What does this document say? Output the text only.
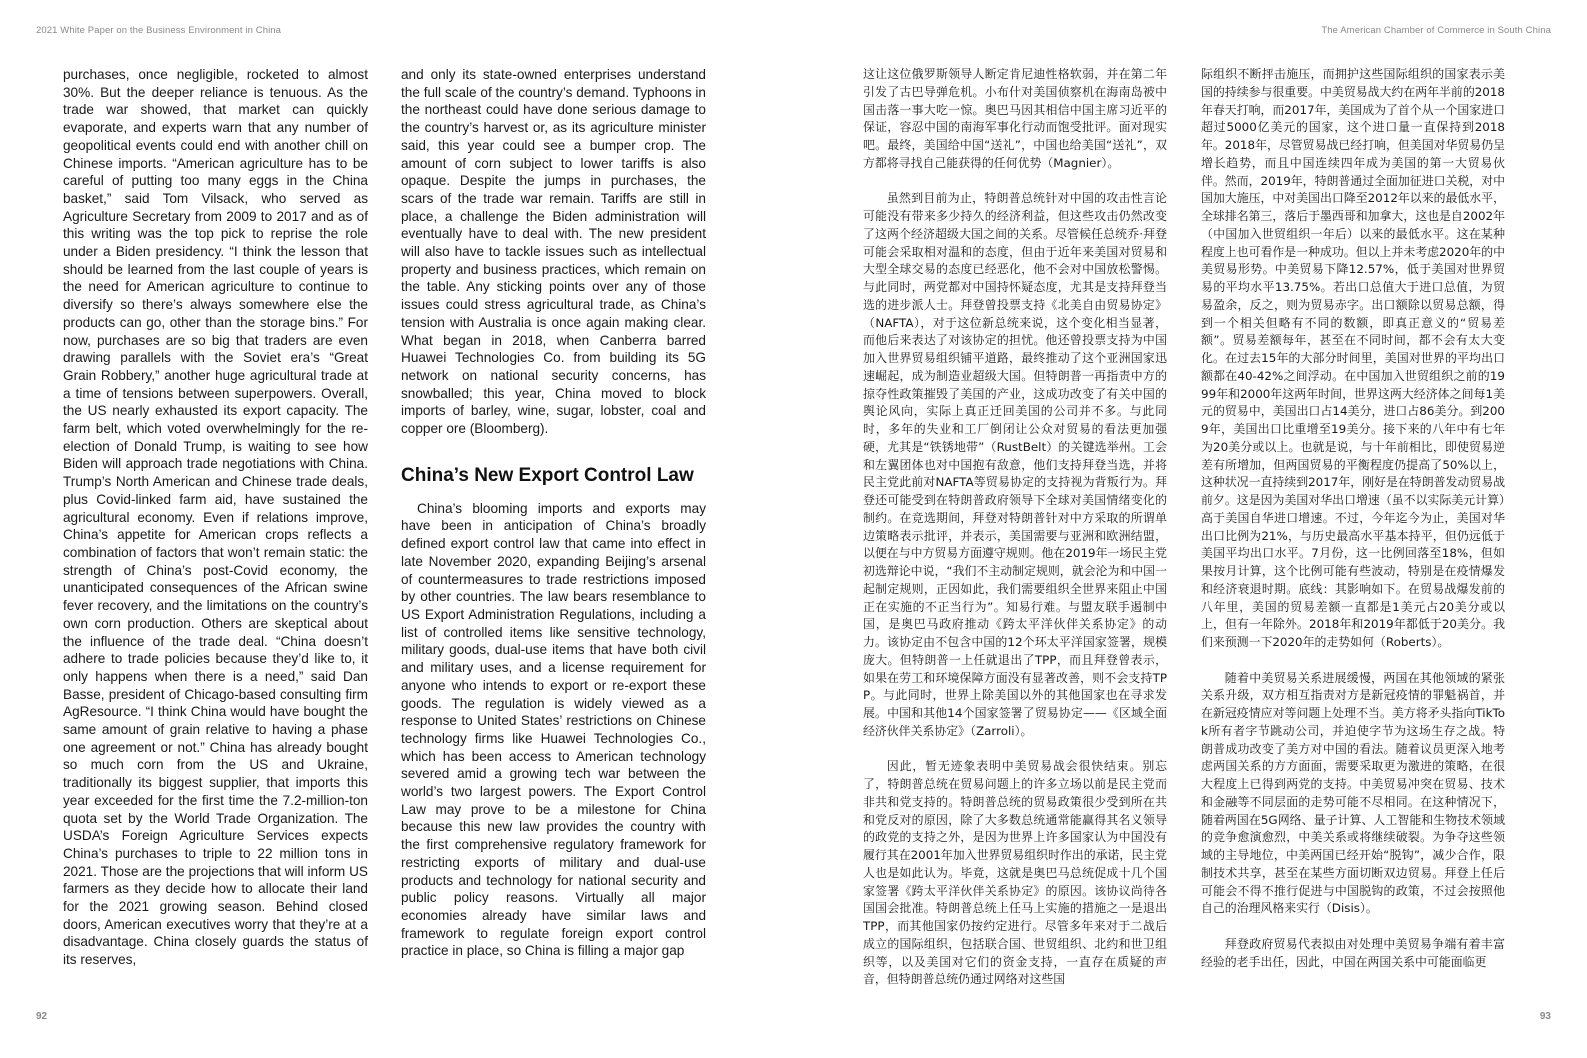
2021 White Paper on the Business Environment in China

purchases, once negligible, rocketed to almost 30%. But the deeper reliance is tenuous. As the trade war showed, that market can quickly evaporate, and experts warn that any number of geopolitical events could end with another chill on Chinese imports. “American agriculture has to be careful of putting too many eggs in the China basket,” said Tom Vilsack, who served as Agriculture Secretary from 2009 to 2017 and as of this writing was the top pick to reprise the role under a Biden presidency. “I think the lesson that should be learned from the last couple of years is the need for American agriculture to continue to diversify so there’s always somewhere else the products can go, other than the storage bins.” For now, purchases are so big that traders are even drawing parallels with the Soviet era’s “Great Grain Robbery,” another huge agricultural trade at a time of tensions between superpowers. Overall, the US nearly exhausted its export capacity. The farm belt, which voted overwhelmingly for the re-election of Donald Trump, is waiting to see how Biden will approach trade negotiations with China. Trump’s North American and Chinese trade deals, plus Covid-linked farm aid, have sustained the agricultural economy. Even if relations improve, China’s appetite for American crops reflects a combination of factors that won’t remain static: the strength of China’s post-Covid economy, the unanticipated consequences of the African swine fever recovery, and the limitations on the country’s own corn production. Others are skeptical about the influence of the trade deal. “China doesn’t adhere to trade policies because they’d like to, it only happens when there is a need,” said Dan Basse, president of Chicago-based consulting firm AgResource. “I think China would have bought the same amount of grain relative to having a phase one agreement or not.” China has already bought so much corn from the US and Ukraine, traditionally its biggest supplier, that imports this year exceeded for the first time the 7.2-million-ton quota set by the World Trade Organization. The USDA’s Foreign Agriculture Services expects China’s purchases to triple to 22 million tons in 2021. Those are the projections that will inform US farmers as they decide how to allocate their land for the 2021 growing season. Behind closed doors, American executives worry that they’re at a disadvantage. China closely guards the status of its reserves,

and only its state-owned enterprises understand the full scale of the country’s demand. Typhoons in the northeast could have done serious damage to the country’s harvest or, as its agriculture minister said, this year could see a bumper crop. The amount of corn subject to lower tariffs is also opaque. Despite the jumps in purchases, the scars of the trade war remain. Tariffs are still in place, a challenge the Biden administration will eventually have to deal with. The new president will also have to tackle issues such as intellectual property and business practices, which remain on the table. Any sticking points over any of those issues could stress agricultural trade, as China’s tension with Australia is once again making clear. What began in 2018, when Canberra barred Huawei Technologies Co. from building its 5G network on national security concerns, has snowballed; this year, China moved to block imports of barley, wine, sugar, lobster, coal and copper ore (Bloomberg).

China’s New Export Control Law

China’s blooming imports and exports may have been in anticipation of China’s broadly defined export control law that came into effect in late November 2020, expanding Beijing’s arsenal of countermeasures to trade restrictions imposed by other countries. The law bears resemblance to US Export Administration Regulations, including a list of controlled items like sensitive technology, military goods, dual-use items that have both civil and military uses, and a license requirement for anyone who intends to export or re-export these goods. The regulation is widely viewed as a response to United States’ restrictions on Chinese technology firms like Huawei Technologies Co., which has been access to American technology severed amid a growing tech war between the world’s two largest powers. The Export Control Law may prove to be a milestone for China because this new law provides the country with the first comprehensive regulatory framework for restricting exports of military and dual-use products and technology for national security and public policy reasons. Virtually all major economies already have similar laws and framework to regulate foreign export control practice in place, so China is filling a major gap

92
The American Chamber of Commerce in South China

这让这位俄罗斯领导人断定肯尼迪性格软弱，并在第二年引发了古巴导弹危机。小布什对美国侦察机在海南岛被中国击落一事大吃一惊。奥巴马因其相信中国主席习近平的保证，容忍中国的南海军事化行动而饱受批评。面对现实吧。最终，美国给中国“送礼”，中国也给美国“送礼”，双方都将寻找自己能获得的任何优势（Magnier）。

虽然到目前为止，特朗普总统针对中国的攻击性言论可能没有带来多少持久的经济利益，但这些攻击仍然改变了这两个经济超级大国之间的关系。尽管候任总统乔·拜登可能会采取相对温和的态度，但由于近年来美国对贸易和大型全球交易的态度已经恶化，他不会对中国放松警惕。与此同时，两党都对中国持怀疑态度，尤其是支持拜登当选的进步派人士。拜登曾投票支持《北美自由贸易协定》（NAFTA），对于这位新总统来说，这个变化相当显著，而他后来表达了对该协定的担忧。他还曾投票支持为中国加入世界贸易组织铺平道路，最终推动了这个亚洲国家迅速崛起，成为制造业超级大国。但特朗普一再指责中方的掠夺性政策摧毁了美国的产业，这成功改变了有关中国的舆论风向，实际上真正迁回美国的公司并不多。与此同时，多年的失业和工厂倒闭让公众对贸易的看法更加强硬，尤其是“铁锈地带”（RustBelt）的关键选举州。工会和左翼团体也对中国抱有敌意，他们支持拜登当选，并将民主党此前对NAFTA等贸易协定的支持视为背叛行为。拜登还可能受到在特朗普政府领导下全球对美国情绪变化的制约。在竞选期间，拜登对特朗普针对中方采取的所谓单边策略表示批评，并表示，美国需要与亚洲和欧洲结盟，以便在与中方贸易方面遵守规则。他在2019年一场民主党初选辩论中说，“我们不主动制定规则，就会沦为和中国一起制定规则，正因如此，我们需要组织全世界来阻止中国正在实施的不正当行为”。知易行难。与盟友联手遏制中国，是奥巴马政府推动《跨太平洋伙伴关系协定》的动力。该协定由不包含中国的12个环太平洋国家签署，规模庞大。但特朗普一上任就退出了TPP，而且拜登曾表示，如果在劳工和环境保障方面没有显著改善，则不会支持TPP。与此同时，世界上除美国以外的其他国家也在寻求发展。中国和其他14个国家签署了贸易协定——《区域全面经济伙伴关系协定》（Zarroli）。

因此，暂无迹象表明中美贸易战会很快结束。别忘了，特朗普总统在贸易问题上的许多立场以前是民主党而非共和党支持的。特朗普总统的贸易政策很少受到所在共和党反对的原因，除了大多数总统通常能赢得其名义领导的政党的支持之外，是因为世界上许多国家认为中国没有履行其在2001年加入世界贸易组织时作出的承诺，民主党人也是如此认为。毕竟，这就是奥巴马总统促成十几个国家签署《跨太平洋伙伴关系协定》的原因。该协议尚待各国国会批准。特朗普总统上任马上实施的措施之一是退出TPP，而其他国家仍按约定进行。尽管多年来对于二战后成立的国际组织，包括联合国、世贸组织、北约和世卫组织等，以及美国对它们的资金支持，一直存在质疑的声音，但特朗普总统仍通过网络对这些国

际组织不断抨击施压，而拥护这些国际组织的国家表示美国的持续参与很重要。中美贸易战大约在两年半前的2018年春天打响，而2017年，美国成为了首个从一个国家进口超过5000亿美元的国家，这个进口量一直保持到2018年。2018年，尽管贸易战已经打响，但美国对华贸易仍呈增长趋势，而且中国连续四年成为美国的第一大贸易伙伴。然而，2019年，特朗普通过全面加征进口关税，对中国加大施压，中对美国出口降至2012年以来的最低水平，全球排名第三，落后于墨西哥和加拿大，这也是自2002年（中国加入世贸组织一年后）以来的最低水平。这在某种程度上也可看作是一种成功。但以上并未考虑2020年的中美贸易形势。中美贸易下降12.57%，低于美国对世界贸易的平均水平13.75%。若出口总值大于进口总值，为贸易盈余，反之，则为贸易赤字。出口额除以贸易总额，得到一个相关但略有不同的数额，即真正意义的“贸易差额”。贸易差额每年，甚至在不同时间，都不会有太大变化。在过去15年的大部分时间里，美国对世界的平均出口额都在40-42%之间浮动。在中国加入世贸组织之前的1999年和2000年这两年时间，世界这两大经济体之间每1美元的贸易中，美国出口占14美分，进口占86美分。到2009年，美国出口比重增至19美分。接下来的八年中有七年为20美分或以上。也就是说，与十年前相比，即使贸易逆差有所增加，但两国贸易的平衡程度仍提高了50%以上，这种状况一直持续到2017年，刚好是在特朗普发动贸易战前夕。这是因为美国对华出口增速（虽不以实际美元计算）高于美国自华进口增速。不过，今年迄今为止，美国对华出口比例为21%，与历史最高水平基本持平，但仍远低于美国平均出口水平。7月份，这一比例回落至18%，但如果按月计算，这个比例可能有些波动，特别是在疫情爆发和经济衰退时期。底线：其影响如下。在贸易战爆发前的八年里，美国的贸易差额一直都是1美元占20美分或以上，但有一年除外。2018年和2019年都低于20美分。我们来预测一下2020年的走势如何（Roberts）。

随着中美贸易关系进展缓慢，两国在其他领域的紧张关系升级，双方相互指责对方是新冠疫情的罪魁祸首，并在新冠疫情应对等问题上处理不当。美方将矛头指向TikTok所有者字节跳动公司，并迫使字节为这场生存之战。特朗普成功改变了美方对中国的看法。随着议员更深入地考虑两国关系的方方面面，需要采取更为激进的策略，在很大程度上已得到两党的支持。中美贸易冲突在贸易、技术和金融等不同层面的走势可能不尽相同。在这种情况下，随着两国在5G网络、量子计算、人工智能和生物技术领域的竞争愈演愈烈，中美关系或将继续破裂。为争夺这些领域的主导地位，中美两国已经开始“脱钩”，减少合作，限制技术共享，甚至在某些方面切断双边贸易。拜登上任后可能会不得不推行促进与中国脱钩的政策，不过会按照他自己的治理风格来实行（Disis）。

拜登政府贸易代表拟由对处理中美贸易争端有着丰富经验的老手出任，因此，中国在两国关系中可能面临更

93
